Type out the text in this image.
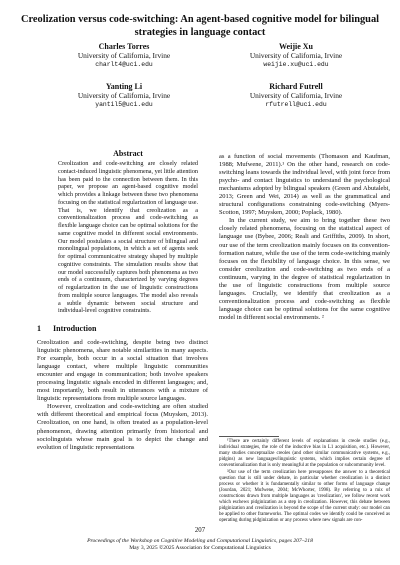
Creolization versus code-switching: An agent-based cognitive model for bilingual strategies in language contact
Charles Torres
University of California, Irvine
charlt4@uci.edu
Weijie Xu
University of California, Irvine
weijie.xu@uci.edu
Yanting Li
University of California, Irvine
yantil5@uci.edu
Richard Futrell
University of California, Irvine
rfutrell@uci.edu
Abstract
Creolization and code-switching are closely related contact-induced linguistic phenomena, yet little attention has been paid to the connection between them. In this paper, we propose an agent-based cognitive model which provides a linkage between these two phenomena focusing on the statistical regularization of language use. That is, we identify that creolization as a conventionalization process and code-switching as flexible language choice can be optimal solutions for the same cognitive model in different social environments. Our model postulates a social structure of bilingual and monolingual populations, in which a set of agents seek for optimal communicative strategy shaped by multiple cognitive constraints. The simulation results show that our model successfully captures both phenomena as two ends of a continuum, characterized by varying degrees of regularization in the use of linguistic constructions from multiple source languages. The model also reveals a subtle dynamic between social structure and individual-level cognitive constraints.
1 Introduction

Creolization and code-switching, despite being two distinct linguistic phenomena, share notable similarities in many aspects. For example, both occur in a social situation that involves language contact, where multiple linguistic communities encounter and engage in communication; both involve speakers processing linguistic signals encoded in different languages; and, most importantly, both result in utterances with a mixture of linguistic representations from multiple source languages.

However, creolization and code-switching are often studied with different theoretical and empirical focus (Muysken, 2013). Creolization, on one hand, is often treated as a population-level phenomenon, drawing attention primarily from historical and sociolinguists whose main goal is to depict the change and evolution of linguistic representations

as a function of social movements (Thomason and Kaufman, 1988; Mufwene, 2011).¹ On the other hand, research on code-switching leans towards the individual level, with joint force from psycho- and contact linguistics to understand the psychological mechanisms adopted by bilingual speakers (Green and Abutalebi, 2013; Green and Wei, 2014) as well as the grammatical and structural configurations constraining code-switching (Myers-Scotton, 1997; Muysken, 2000; Poplack, 1980).

In the current study, we aim to bring together these two closely related phenomena, focusing on the statistical aspect of language use (Bybee, 2006; Reali and Griffiths, 2009). In short, our use of the term creolization mainly focuses on its convention-formation nature, while the use of the term code-switching mainly focuses on the flexibility of language choice. In this sense, we consider creolization and code-switching as two ends of a continuum, varying in the degree of statistical regularization in the use of linguistic constructions from multiple source languages. Crucially, we identify that creolization as a conventionalization process and code-switching as flexible language choice can be optimal solutions for the same cognitive model in different social environments. ²

¹There are certainly different levels of explanations in creole studies (e.g., individual strategies, the role of the inductive bias in L1 acquisition, etc.). However, many studies conceptualize creoles (and other similar communicative systems, e.g., pidgins) as new languages/linguistic systems, which implies certain degree of conventionalization that is only meaningful at the population or subcommunity level.

²Our use of the term creolization here presupposes the answer to a theoretical question that is still under debate, in particular whether creolization is a distinct process or whether it is fundamentally similar to other forms of language change (Jourdan, 2021; Mufwene, 2004; McWhorter, 1998). By referring to a mix of constructions drawn from multiple languages as 'creolization', we follow recent work which eschews pidginization as a step in creolization. However, this debate between pidginization and creolization is beyond the scope of the current study: our model can be applied to other frameworks. The optimal codes we identify could be conceived as operating during pidginization or any process where new signals are con-

207
Proceedings of the Workshop on Cognitive Modeling and Computational Linguistics, pages 207–218
May 3, 2025 ©2025 Association for Computational Linguistics
